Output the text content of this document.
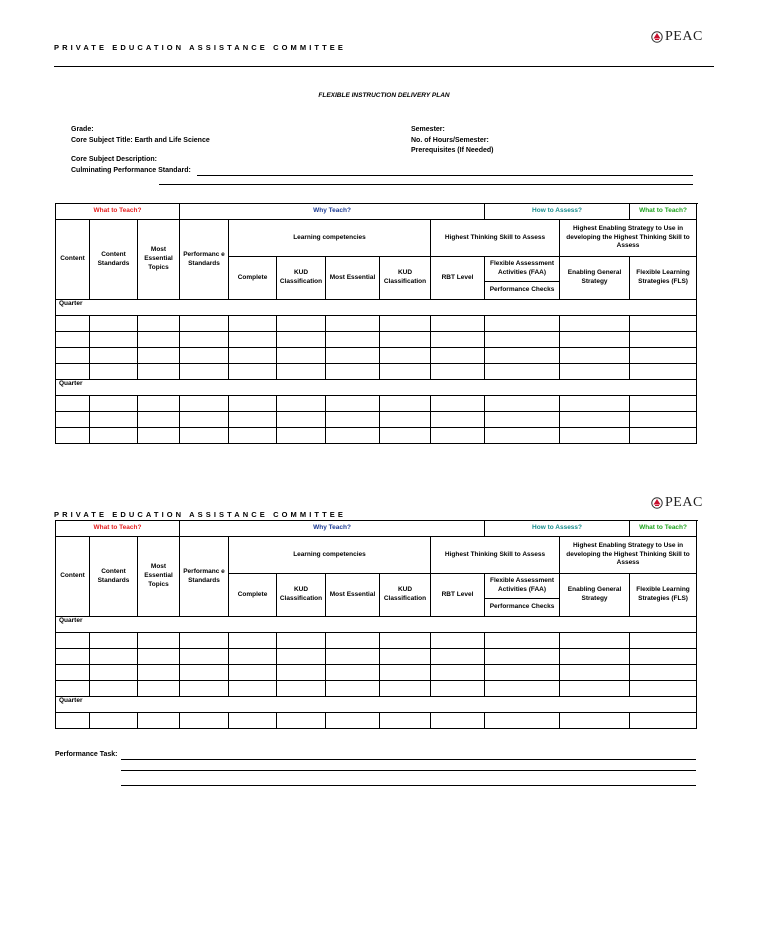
PRIVATE EDUCATION ASSISTANCE COMMITTEE
PEAC
FLEXIBLE INSTRUCTION DELIVERY PLAN
Grade:
Core Subject Title: Earth and Life Science
Core Subject Description:
Culminating Performance Standard:
Semester:
No. of Hours/Semester:
Prerequisites (If Needed)
What to Teach?			Why Teach?						How to Assess?		What to Teach?
Content	Content Standards	Most Essential Topics	Performanc e Standards	Learning competencies				Highest Thinking Skill to Assess		Highest Enabling Strategy to Use in developing the Highest Thinking Skill to Assess	
				Complete	KUD Classification	Most Essential	KUD Classification	RBT Level	Flexible Assessment Activities (FAA)	Enabling General Strategy	Flexible Learning Strategies (FLS)
									Performance Checks		
Quarter											

Quarter											

PEAC
PRIVATE EDUCATION ASSISTANCE COMMITTEE
What to Teach?			Why Teach?						How to Assess?		What to Teach?
Content	Content Standards	Most Essential Topics	Performanc e Standards	Learning competencies				Highest Thinking Skill to Assess		Highest Enabling Strategy to Use in developing the Highest Thinking Skill to Assess	
				Complete	KUD Classification	Most Essential	KUD Classification	RBT Level	Flexible Assessment Activities (FAA)	Enabling General Strategy	Flexible Learning Strategies (FLS)
									Performance Checks		
Quarter											

Quarter											

Performance Task:
